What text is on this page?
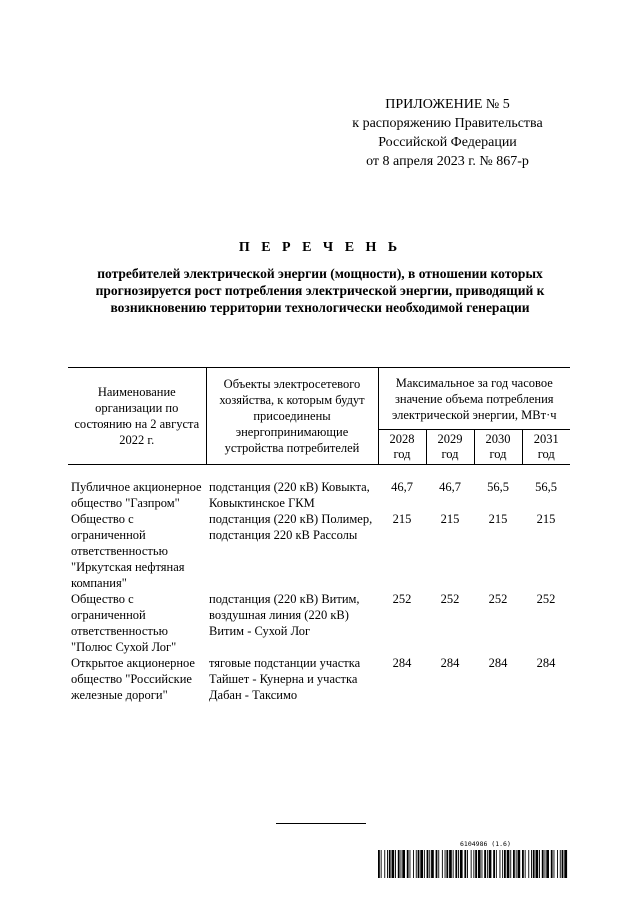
ПРИЛОЖЕНИЕ № 5
к распоряжению Правительства
Российской Федерации
от 8 апреля 2023 г. № 867-р
П Е Р Е Ч Е Н Ь
потребителей электрической энергии (мощности), в отношении которых прогнозируется рост потребления электрической энергии, приводящий к возникновению территории технологически необходимой генерации
Наименование организации по состоянию на 2 августа 2022 г.	Объекты электросетевого хозяйства, к которым будут присоединены энергопринимающие устройства потребителей	Максимальное за год часовое значение объема потребления электрической энергии, МВт·ч			
		2028 год	2029 год	2030 год	2031 год

Публичное акционерное общество "Газпром"	подстанция (220 кВ) Ковыкта, Ковыктинское ГКМ	46,7	46,7	56,5	56,5
Общество с ограниченной ответственностью "Иркутская нефтяная компания"	подстанция (220 кВ) Полимер, подстанция 220 кВ Рассолы	215	215	215	215
Общество с ограниченной ответственностью "Полюс Сухой Лог"	подстанция (220 кВ) Витим, воздушная линия (220 кВ) Витим - Сухой Лог	252	252	252	252
Открытое акционерное общество "Российские железные дороги"	тяговые подстанции участка Тайшет - Кунерна и участка Дабан - Таксимо	284	284	284	284
6104986 (1.6)
